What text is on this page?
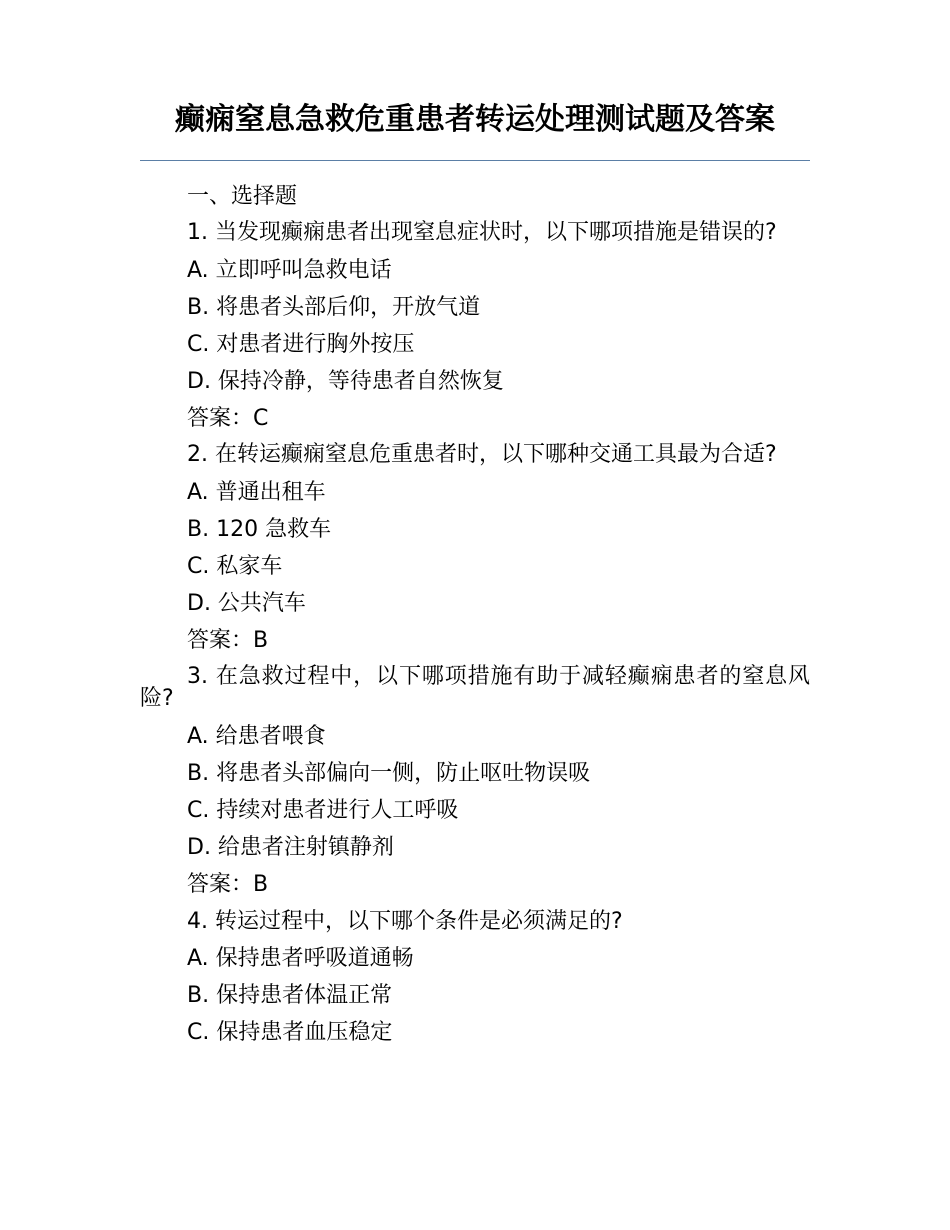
癫痫窒息急救危重患者转运处理测试题及答案
一、选择题
1. 当发现癫痫患者出现窒息症状时，以下哪项措施是错误的?
A. 立即呼叫急救电话
B. 将患者头部后仰，开放气道
C. 对患者进行胸外按压
D. 保持冷静，等待患者自然恢复
答案：C
2. 在转运癫痫窒息危重患者时，以下哪种交通工具最为合适?
A. 普通出租车
B. 120 急救车
C. 私家车
D. 公共汽车
答案：B
3. 在急救过程中，以下哪项措施有助于减轻癫痫患者的窒息风险?
A. 给患者喂食
B. 将患者头部偏向一侧，防止呕吐物误吸
C. 持续对患者进行人工呼吸
D. 给患者注射镇静剂
答案：B
4. 转运过程中，以下哪个条件是必须满足的?
A. 保持患者呼吸道通畅
B. 保持患者体温正常
C. 保持患者血压稳定
